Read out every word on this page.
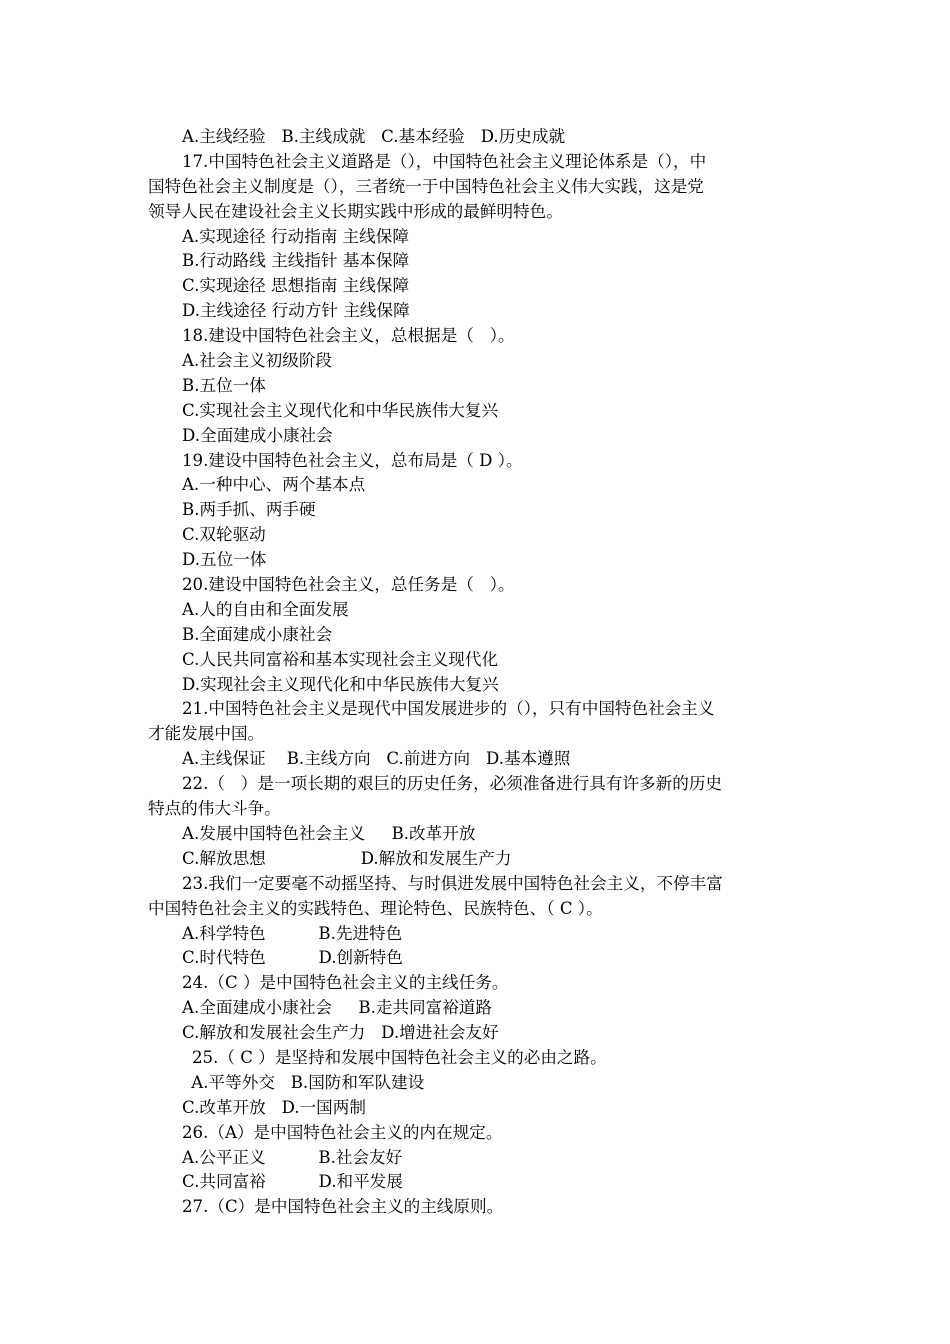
A.主线经验   B.主线成就   C.基本经验   D.历史成就
17.中国特色社会主义道路是（），中国特色社会主义理论体系是（），中
国特色社会主义制度是（），三者统一于中国特色社会主义伟大实践，这是党
领导人民在建设社会主义长期实践中形成的最鲜明特色。
A.实现途径 行动指南 主线保障
B.行动路线 主线指针 基本保障
C.实现途径 思想指南 主线保障
D.主线途径 行动方针 主线保障
18.建设中国特色社会主义，总根据是（   ）。
A.社会主义初级阶段
B.五位一体
C.实现社会主义现代化和中华民族伟大复兴
D.全面建成小康社会
19.建设中国特色社会主义，总布局是（ D ）。
A.一种中心、两个基本点
B.两手抓、两手硬
C.双轮驱动
D.五位一体
20.建设中国特色社会主义，总任务是（   ）。
A.人的自由和全面发展
B.全面建成小康社会
C.人民共同富裕和基本实现社会主义现代化
D.实现社会主义现代化和中华民族伟大复兴
21.中国特色社会主义是现代中国发展进步的（），只有中国特色社会主义
才能发展中国。
A.主线保证    B.主线方向   C.前进方向   D.基本遵照
22.（   ）是一项长期的艰巨的历史任务，必须准备进行具有许多新的历史
特点的伟大斗争。
A.发展中国特色社会主义     B.改革开放
C.解放思想                  D.解放和发展生产力
23.我们一定要毫不动摇坚持、与时俱进发展中国特色社会主义，不停丰富
中国特色社会主义的实践特色、理论特色、民族特色、（ C ）。
A.科学特色          B.先进特色
C.时代特色          D.创新特色
24.（C ）是中国特色社会主义的主线任务。
A.全面建成小康社会     B.走共同富裕道路
C.解放和发展社会生产力   D.增进社会友好
25.（ C ）是坚持和发展中国特色社会主义的必由之路。
A.平等外交   B.国防和军队建设
C.改革开放   D.一国两制
26.（A）是中国特色社会主义的内在规定。
A.公平正义          B.社会友好
C.共同富裕          D.和平发展
27.（C）是中国特色社会主义的主线原则。
